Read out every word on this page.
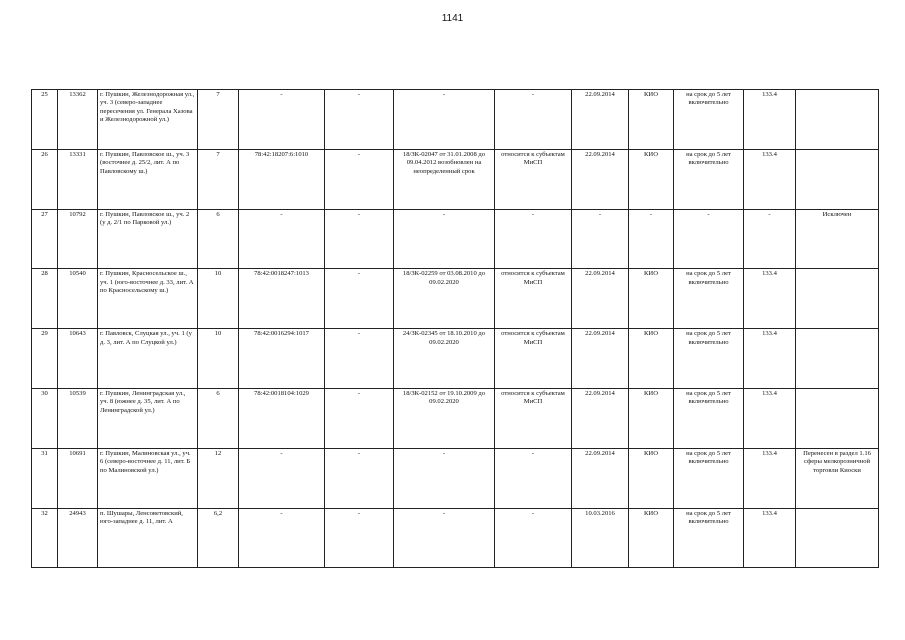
1141
25	13362	г. Пушкин, Железнодорожная ул., уч. 3 (северо-западнее пересечения ул. Генерала Хазова и Железнодорожной ул.)	7	-	-	-	-	22.09.2014	КИО	на срок до 5 лет включительно	133.4	
26	13331	г. Пушкин, Павловское ш., уч. 3 (восточнее д. 25/2, лит. А по Павловскому ш.)	7	78:42:18207:6:1010	-	18/ЗК-02047 от 31.01.2008 до 09.04.2012 возобновлен на неопределенный срок	относится к субъектам МиСП	22.09.2014	КИО	на срок до 5 лет включительно	133.4	
27	10792	г. Пушкин, Павловское ш., уч. 2 (у д. 2/1 по Парковой ул.)	6	-	-	-	-	-	-	-	-	Исключен
28	10540	г. Пушкин, Красносельское ш., уч. 1 (юго-восточнее д. 33, лит. А по Красносельскому ш.)	10	78:42:0018247:1013	-	18/ЗК-02259 от 03.08.2010 до 09.02.2020	относится к субъектам МиСП	22.09.2014	КИО	на срок до 5 лет включительно	133.4	
29	10643	г. Павловск, Слуцкая ул., уч. 1 (у д. 3, лит. А по Слуцкой ул.)	10	78:42:0016294:1017	-	24/ЗК-02345 от 18.10.2010 до 09.02.2020	относится к субъектам МиСП	22.09.2014	КИО	на срок до 5 лет включительно	133.4	
30	10539	г. Пушкин, Ленинградская ул., уч. 8 (южнее д. 35, лит. А по Ленинградской ул.)	6	78:42:0018104:1029	-	18/ЗК-02152 от 19.10.2009 до 09.02.2020	относится к субъектам МиСП	22.09.2014	КИО	на срок до 5 лет включительно	133.4	
31	10691	г. Пушкин, Малиновская ул., уч. 6 (северо-восточнее д. 11, лит. Б по Малиновской ул.)	12	-	-	-	-	22.09.2014	КИО	на срок до 5 лет включительно	133.4	Перенесен в раздел 1.16 сферы мелкорозничной торговли Киоски
32	24943	п. Шушары, Ленсоветовский, юго-западнее д. 11, лит. А	6,2	-	-	-	-	10.03.2016	КИО	на срок до 5 лет включительно	133.4	
